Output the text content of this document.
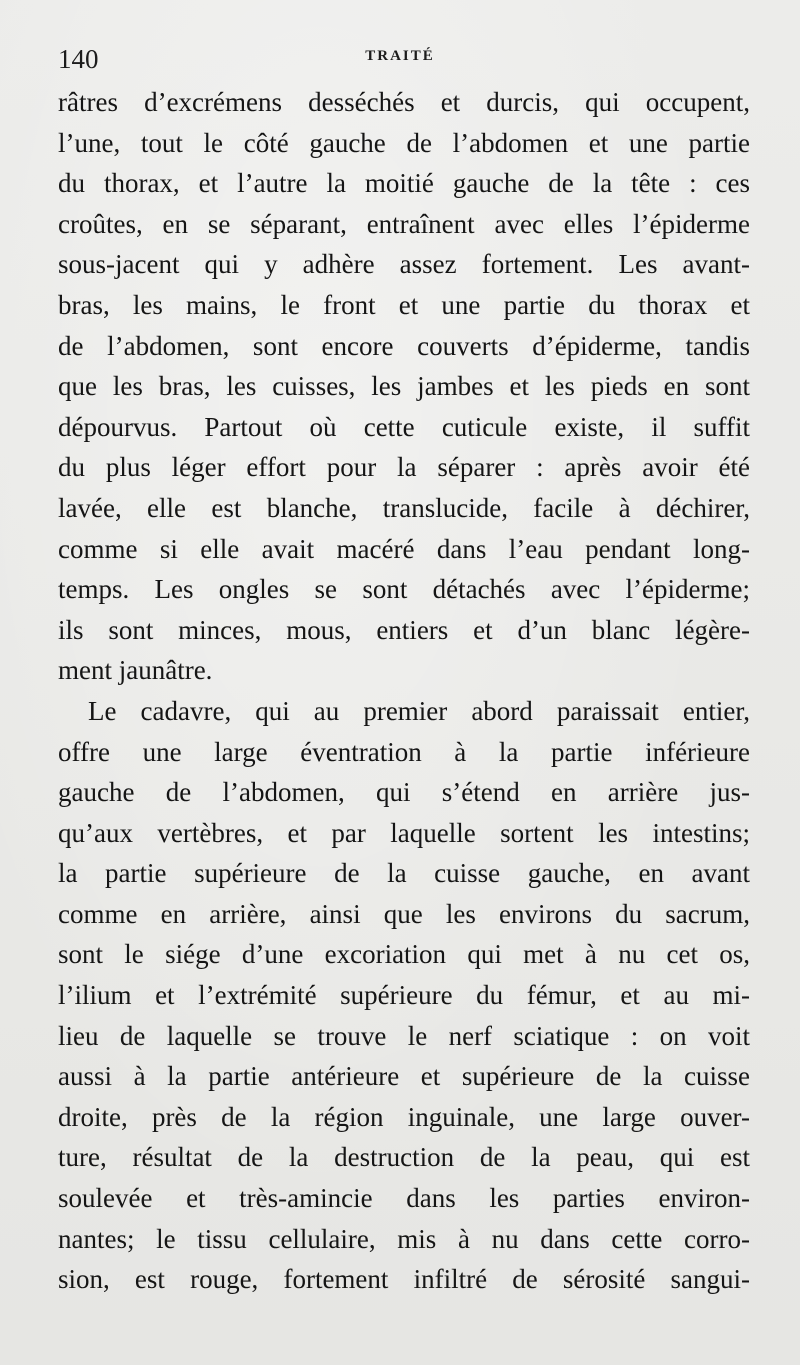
140	TRAITÉ
râtres d’excrémens desséchés et durcis, qui occupent,
l’une, tout le côté gauche de l’abdomen et une partie
du thorax, et l’autre la moitié gauche de la tête : ces
croûtes, en se séparant, entraînent avec elles l’épiderme
sous-jacent qui y adhère assez fortement. Les avant-
bras, les mains, le front et une partie du thorax et
de l’abdomen, sont encore couverts d’épiderme, tandis
que les bras, les cuisses, les jambes et les pieds en sont
dépourvus. Partout où cette cuticule existe, il suffit
du plus léger effort pour la séparer : après avoir été
lavée, elle est blanche, translucide, facile à déchirer,
comme si elle avait macéré dans l’eau pendant long-
temps. Les ongles se sont détachés avec l’épiderme;
ils sont minces, mous, entiers et d’un blanc légère-
ment jaunâtre.
Le cadavre, qui au premier abord paraissait entier,
offre une large éventration à la partie inférieure
gauche de l’abdomen, qui s’étend en arrière jus-
qu’aux vertèbres, et par laquelle sortent les intestins;
la partie supérieure de la cuisse gauche, en avant
comme en arrière, ainsi que les environs du sacrum,
sont le siége d’une excoriation qui met à nu cet os,
l’ilium et l’extrémité supérieure du fémur, et au mi-
lieu de laquelle se trouve le nerf sciatique : on voit
aussi à la partie antérieure et supérieure de la cuisse
droite, près de la région inguinale, une large ouver-
ture, résultat de la destruction de la peau, qui est
soulevée et très-amincie dans les parties environ-
nantes; le tissu cellulaire, mis à nu dans cette corro-
sion, est rouge, fortement infiltré de sérosité sangui-
